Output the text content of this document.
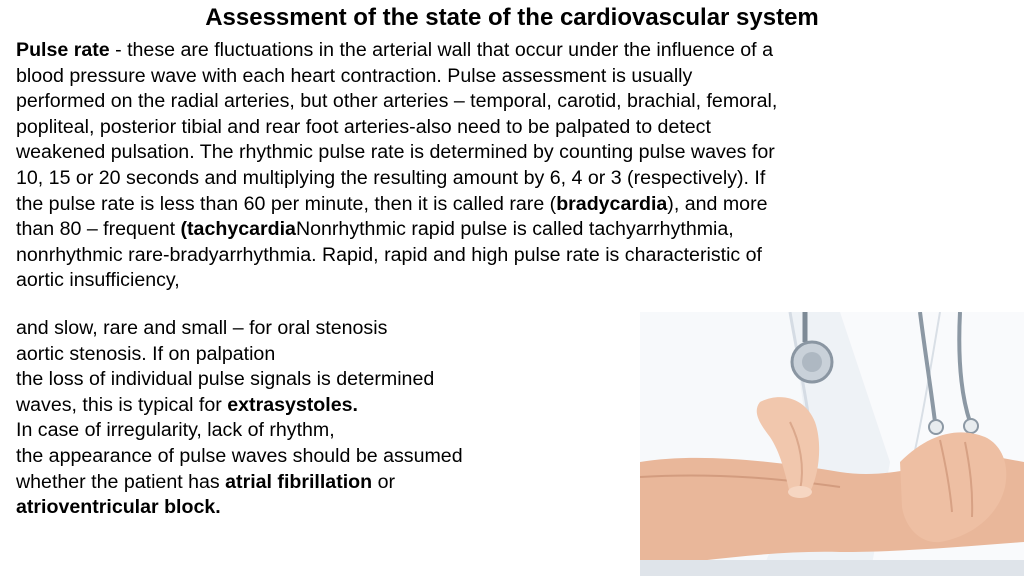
Assessment of the state of the cardiovascular system
Pulse rate - these are fluctuations in the arterial wall that occur under the influence of a
blood pressure wave with each heart contraction. Pulse assessment is usually
performed on the radial arteries, but other arteries – temporal, carotid, brachial, femoral,
popliteal, posterior tibial and rear foot arteries-also need to be palpated to detect
weakened pulsation. The rhythmic pulse rate is determined by counting pulse waves for
10, 15 or 20 seconds and multiplying the resulting amount by 6, 4 or 3 (respectively). If
the pulse rate is less than 60 per minute, then it is called rare (bradycardia), and more
than 80 – frequent (tachycardiaNonrhythmic rapid pulse is called tachyarrhythmia,
nonrhythmic rare-bradyarrhythmia. Rapid, rapid and high pulse rate is characteristic of
aortic insufficiency,
and slow, rare and small – for oral stenosis
aortic stenosis. If on palpation
the loss of individual pulse signals is determined
waves, this is typical for extrasystoles.
In case of irregularity, lack of rhythm,
the appearance of pulse waves should be assumed
whether the patient has atrial fibrillation or
atrioventricular block.
